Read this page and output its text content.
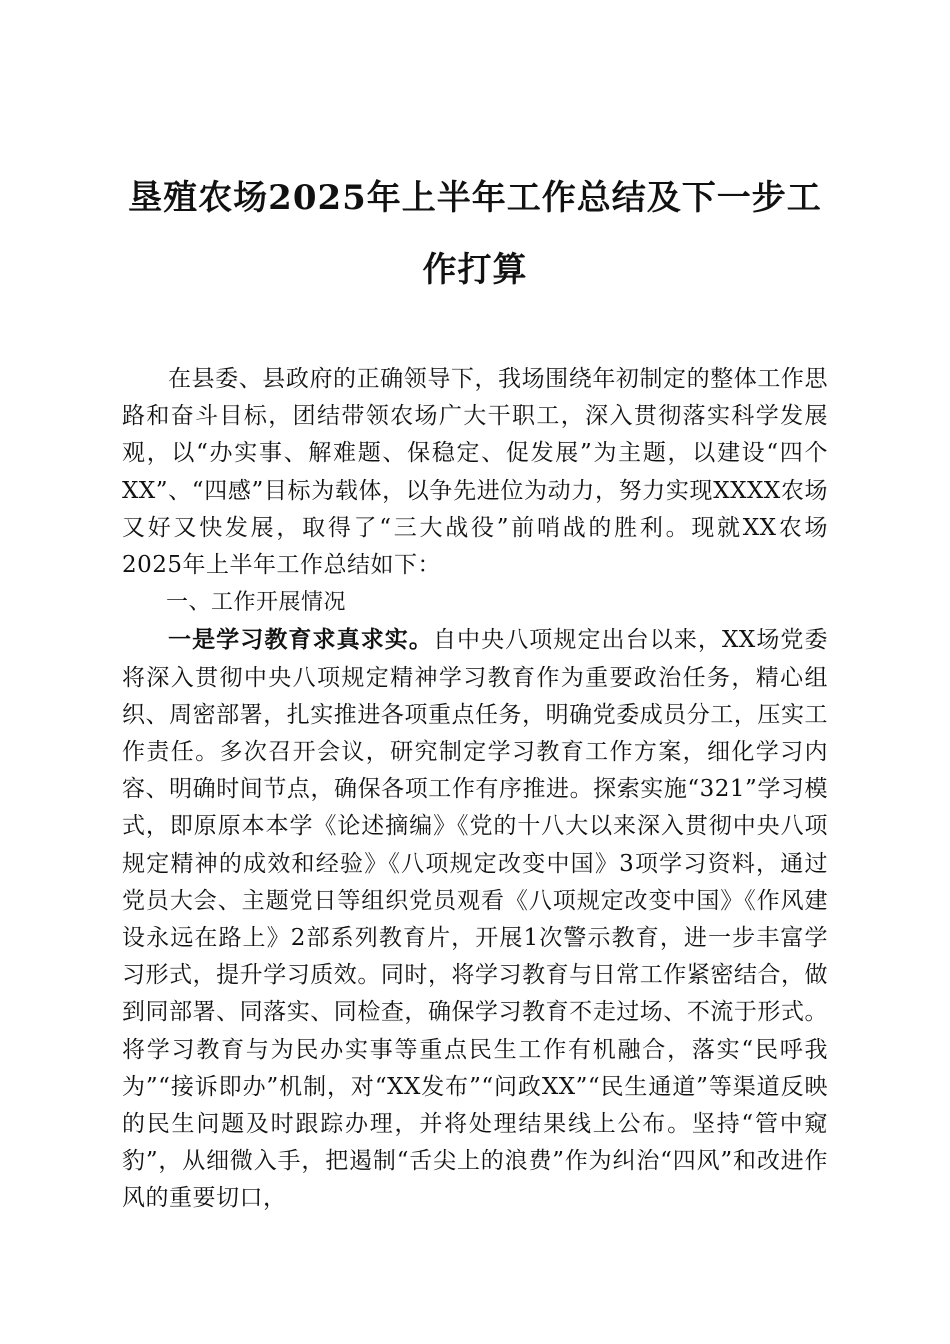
垦殖农场2025年上半年工作总结及下一步工
作打算

在县委、县政府的正确领导下，我场围绕年初制定的整体工作思路和奋斗目标，团结带领农场广大干职工，深入贯彻落实科学发展观，以“办实事、解难题、保稳定、促发展”为主题，以建设“四个XX”、“四感”目标为载体，以争先进位为动力，努力实现XXXX农场又好又快发展，取得了“三大战役”前哨战的胜利。现就XX农场2025年上半年工作总结如下：

一、工作开展情况

一是学习教育求真求实。自中央八项规定出台以来，XX场党委将深入贯彻中央八项规定精神学习教育作为重要政治任务，精心组织、周密部署，扎实推进各项重点任务，明确党委成员分工，压实工作责任。多次召开会议，研究制定学习教育工作方案，细化学习内容、明确时间节点，确保各项工作有序推进。探索实施“321”学习模式，即原原本本学《论述摘编》《党的十八大以来深入贯彻中央八项规定精神的成效和经验》《八项规定改变中国》3项学习资料，通过党员大会、主题党日等组织党员观看《八项规定改变中国》《作风建设永远在路上》2部系列教育片，开展1次警示教育，进一步丰富学习形式，提升学习质效。同时，将学习教育与日常工作紧密结合，做到同部署、同落实、同检查，确保学习教育不走过场、不流于形式。将学习教育与为民办实事等重点民生工作有机融合，落实“民呼我为”“接诉即办”机制，对“XX发布”“问政XX”“民生通道”等渠道反映的民生问题及时跟踪办理，并将处理结果线上公布。坚持“管中窥豹”，从细微入手，把遏制“舌尖上的浪费”作为纠治“四风”和改进作风的重要切口，
